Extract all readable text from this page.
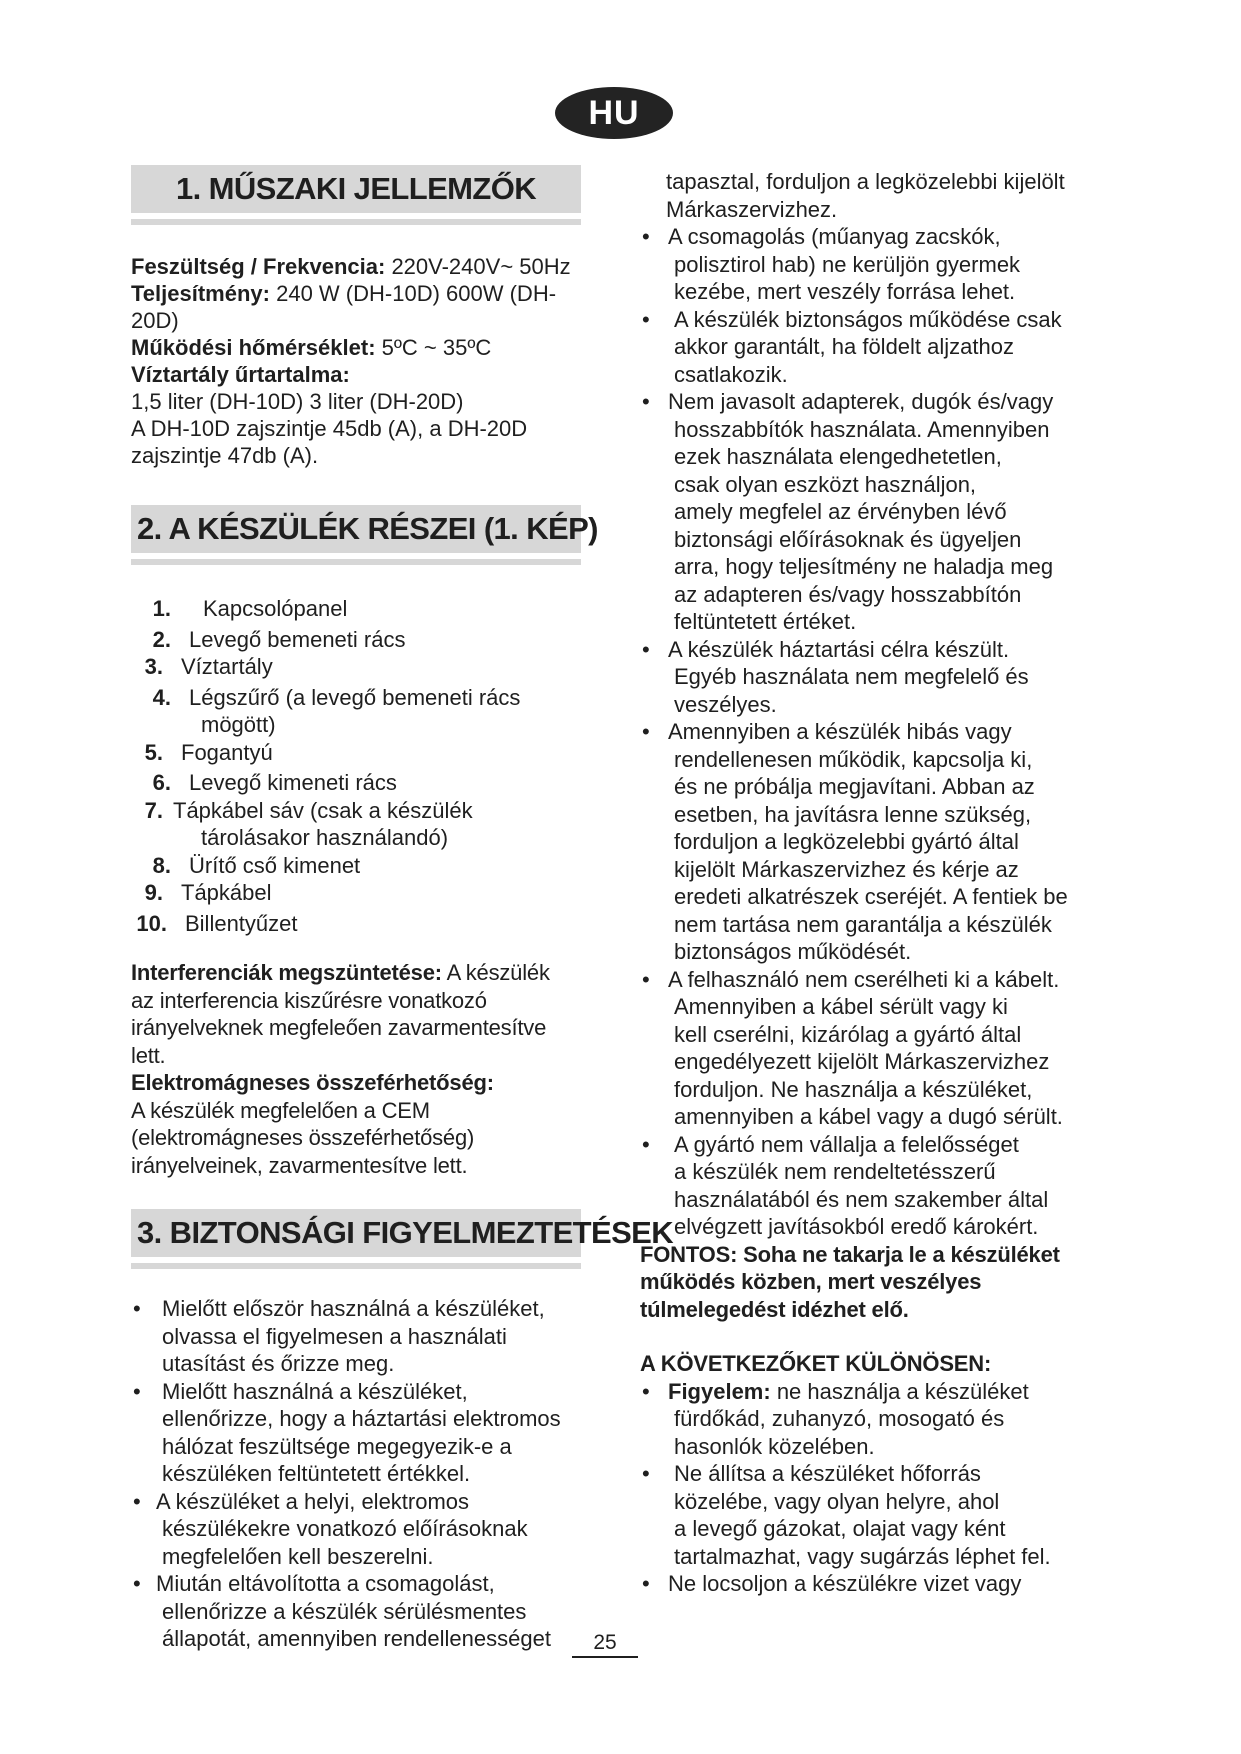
HU
1. MŰSZAKI JELLEMZŐK
Feszültség / Frekvencia: 220V-240V~ 50Hz
Teljesítmény: 240 W (DH-10D) 600W (DH-20D)
Működési hőmérséklet: 5ºC ~ 35ºC
Víztartály űrtartalma:
1,5 liter (DH-10D) 3 liter (DH-20D)
A DH-10D zajszintje 45db (A), a DH-20D
zajszintje 47db (A).
2. A KÉSZÜLÉK RÉSZEI (1. KÉP)
1.	Kapcsolópanel
2. Levegő bemeneti rács
3. Víztartály
4. Légszűrő (a levegő bemeneti rács
mögött)
5. Fogantyú
6. Levegő kimeneti rács
7. Tápkábel sáv (csak a készülék
tárolásakor használandó)
8. Ürítő cső kimenet
9. Tápkábel
10. Billentyűzet
Interferenciák megszüntetése: A készülék
az interferencia kiszűrésre vonatkozó
irányelveknek megfeleően zavarmentesítve
lett.
Elektromágneses összeférhetőség:
A készülék megfelelően a CEM
(elektromágneses összeférhetőség)
irányelveinek, zavarmentesítve lett.
3. BIZTONSÁGI FIGYELMEZTETÉSEK
• Mielőtt először használná a készüléket,
olvassa el figyelmesen a használati
utasítást és őrizze meg.
• Mielőtt használná a készüléket,
ellenőrizze, hogy a háztartási elektromos
hálózat feszültsége megegyezik-e a
készüléken feltüntetett értékkel.
• A készüléket a helyi, elektromos
készülékekre vonatkozó előírásoknak
megfelelően kell beszerelni.
• Miután eltávolította a csomagolást,
ellenőrizze a készülék sérülésmentes
állapotát, amennyiben rendellenességet
tapasztal, forduljon a legközelebbi kijelölt
Márkaszervizhez.
• A csomagolás (műanyag zacskók,
polisztirol hab) ne kerüljön gyermek
kezébe, mert veszély forrása lehet.
•	A készülék biztonságos működése csak
akkor garantált, ha földelt aljzathoz
csatlakozik.
• Nem javasolt adapterek, dugók és/vagy
hosszabbítók használata. Amennyiben
ezek használata elengedhetetlen,
csak olyan eszközt használjon,
amely megfelel az érvényben lévő
biztonsági előírásoknak és ügyeljen
arra, hogy teljesítmény ne haladja meg
az adapteren és/vagy hosszabbítón
feltüntetett értéket.
• A készülék háztartási célra készült.
Egyéb használata nem megfelelő és
veszélyes.
• Amennyiben a készülék hibás vagy
rendellenesen működik, kapcsolja ki,
és ne próbálja megjavítani. Abban az
esetben, ha javításra lenne szükség,
forduljon a legközelebbi gyártó által
kijelölt Márkaszervizhez és kérje az
eredeti alkatrészek cseréjét. A fentiek be
nem tartása nem garantálja a készülék
biztonságos működését.
• A felhasználó nem cserélheti ki a kábelt.
Amennyiben a kábel sérült vagy ki
kell cserélni, kizárólag a gyártó által
engedélyezett kijelölt Márkaszervizhez
forduljon. Ne használja a készüléket,
amennyiben a kábel vagy a dugó sérült.
•	A gyártó nem vállalja a felelősséget
a készülék nem rendeltetésszerű
használatából és nem szakember által
elvégzett javításokból eredő károkért.
FONTOS: Soha ne takarja le a készüléket
működés közben, mert veszélyes
túlmelegedést idézhet elő.
A KÖVETKEZŐKET KÜLÖNÖSEN:
• Figyelem: ne használja a készüléket
fürdőkád, zuhanyzó, mosogató és
hasonlók közelében.
•	Ne állítsa a készüléket hőforrás
közelébe, vagy olyan helyre, ahol
a levegő gázokat, olajat vagy ként
tartalmazhat, vagy sugárzás léphet fel.
• Ne locsoljon a készülékre vizet vagy
25
